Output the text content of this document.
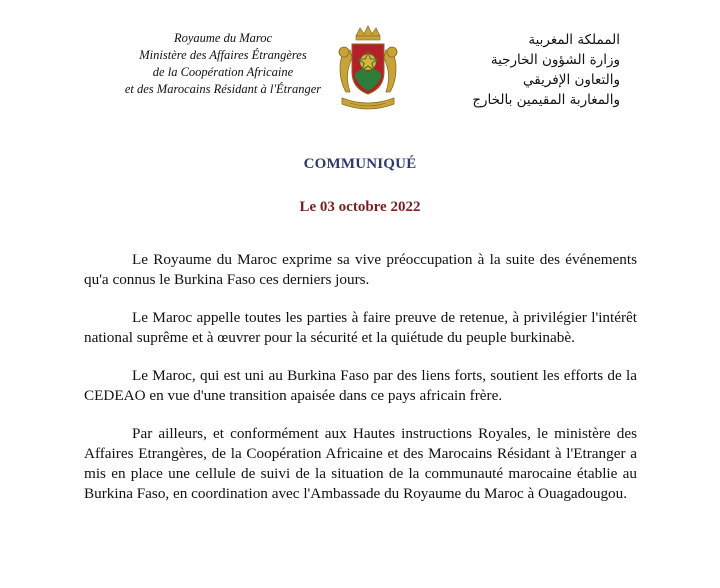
Royaume du Maroc
Ministère des Affaires Étrangères
de la Coopération Africaine
et des Marocains Résidant à l'Étranger
المملكة المغربية
وزارة الشؤون الخارجية
والتعاون الإفريقي
والمغاربة المقيمين بالخارج
COMMUNIQUÉ
Le 03 octobre 2022

Le Royaume du Maroc exprime sa vive préoccupation à la suite des événements qu'a connus le Burkina Faso ces derniers jours.

Le Maroc appelle toutes les parties à faire preuve de retenue, à privilégier l'intérêt national suprême et à œuvrer pour la sécurité et la quiétude du peuple burkinabè.

Le Maroc, qui est uni au Burkina Faso par des liens forts, soutient les efforts de la CEDEAO en vue d'une transition apaisée dans ce pays africain frère.

Par ailleurs, et conformément aux Hautes instructions Royales, le ministère des Affaires Etrangères, de la Coopération Africaine et des Marocains Résidant à l'Etranger a mis en place une cellule de suivi de la situation de la communauté marocaine établie au Burkina Faso, en coordination avec l'Ambassade du Royaume du Maroc à Ouagadougou.
